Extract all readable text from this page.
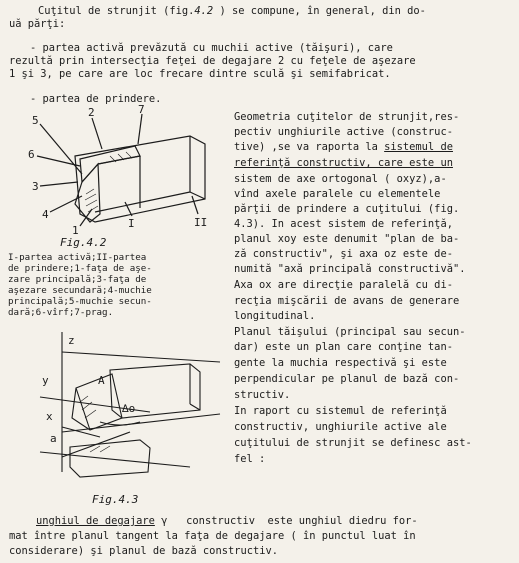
Cuţitul de strunjit (fig.4.2 ) se compune, în general, din do-
uă părţi:
- partea activă prevăzută cu muchii active (tăişuri), care
rezultă prin intersecţia feţei de degajare 2 cu feţele de aşezare
1 şi 3, pe care are loc frecare dintre sculă şi semifabricat.
- partea de prindere.
5
2	7
6
3
4
1
I	II
Fig.4.2
I-partea activă;II-partea
de prindere;1-faţa de aşe-
zare principală;3-faţa de
aşezare secundară;4-muchie
principală;5-muchie secun-
dară;6-vîrf;7-prag.
Geometria cuţitelor de strunjit,res-
pectiv unghiurile active (construc-
tive) ,se va raporta la sistemul de
referinţă constructiv, care este un
sistem de axe ortogonal ( oxyz),a-
vînd axele paralele cu elementele
părţii de prindere a cuţitului (fig.
4.3). In acest sistem de referinţă,
planul xoy este denumit "plan de ba-
ză constructiv", şi axa oz este de-
numită "axă principală constructivă".
Axa ox are direcţie paralelă cu di-
recţia mişcării de avans de generare
longitudinal.
Planul tăişului (principal sau secun-
dar) este un plan care conţine tan-
gente la muchia respectivă şi este
perpendicular pe planul de bază con-
structiv.
In raport cu sistemul de referinţă
constructiv, unghiurile active ale
cuţitului de strunjit se definesc ast-
fel :
z
y	A
x
a
∆o
Fig.4.3
unghiul de degajare γ constructiv  este unghiul diedru for-
mat între planul tangent la faţa de degajare ( în punctul luat în
considerare) şi planul de bază constructiv.
